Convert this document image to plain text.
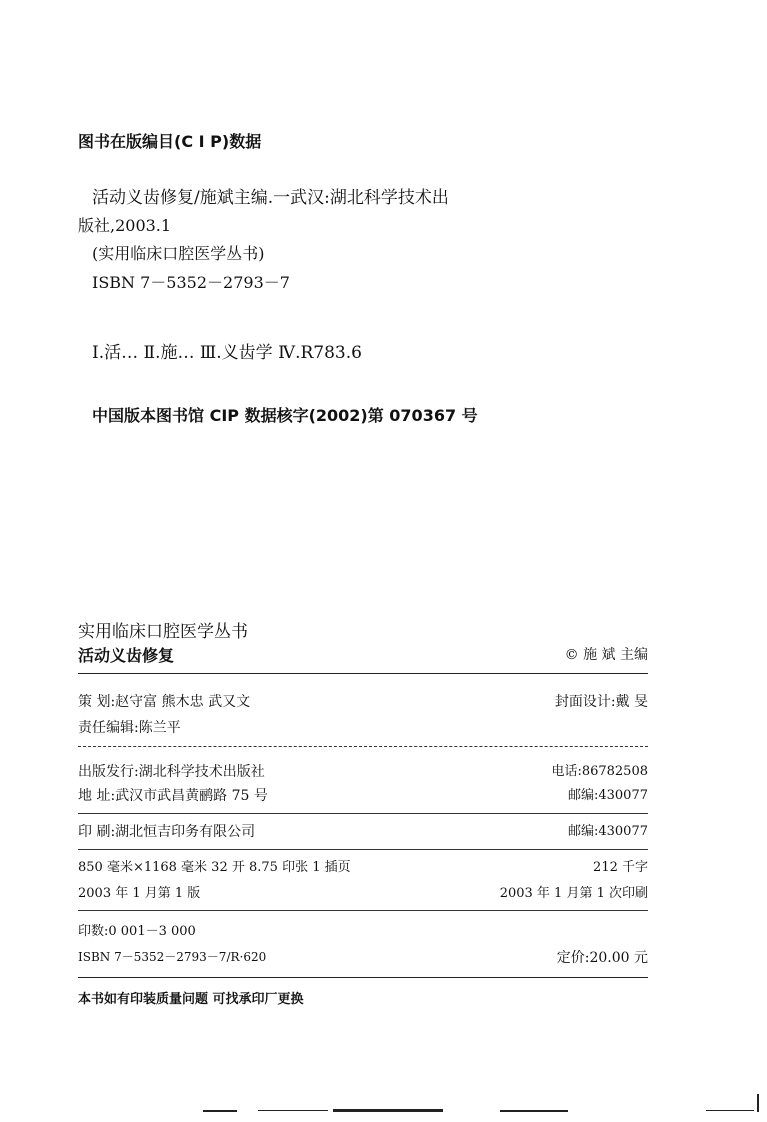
图书在版编目(C I P)数据
活动义齿修复/施斌主编.一武汉:湖北科学技术出
版社,2003.1
(实用临床口腔医学丛书)
ISBN 7－5352－2793－7
Ⅰ.活… Ⅱ.施… Ⅲ.义齿学 Ⅳ.R783.6
中国版本图书馆 CIP 数据核字(2002)第 070367 号
实用临床口腔医学丛书
活动义齿修复	© 施 斌 主编
策 划:赵守富 熊木忠 武又文	封面设计:戴 旻
责任编辑:陈兰平
出版发行:湖北科学技术出版社	电话:86782508
地 址:武汉市武昌黄鹂路 75 号	邮编:430077
印 刷:湖北恒吉印务有限公司	邮编:430077
850 毫米×1168 毫米 32 开 8.75 印张 1 插页	212 千字
2003 年 1 月第 1 版	2003 年 1 月第 1 次印刷
印数:0 001－3 000
ISBN 7－5352－2793－7/R·620	定价:20.00 元
本书如有印装质量问题 可找承印厂更换
